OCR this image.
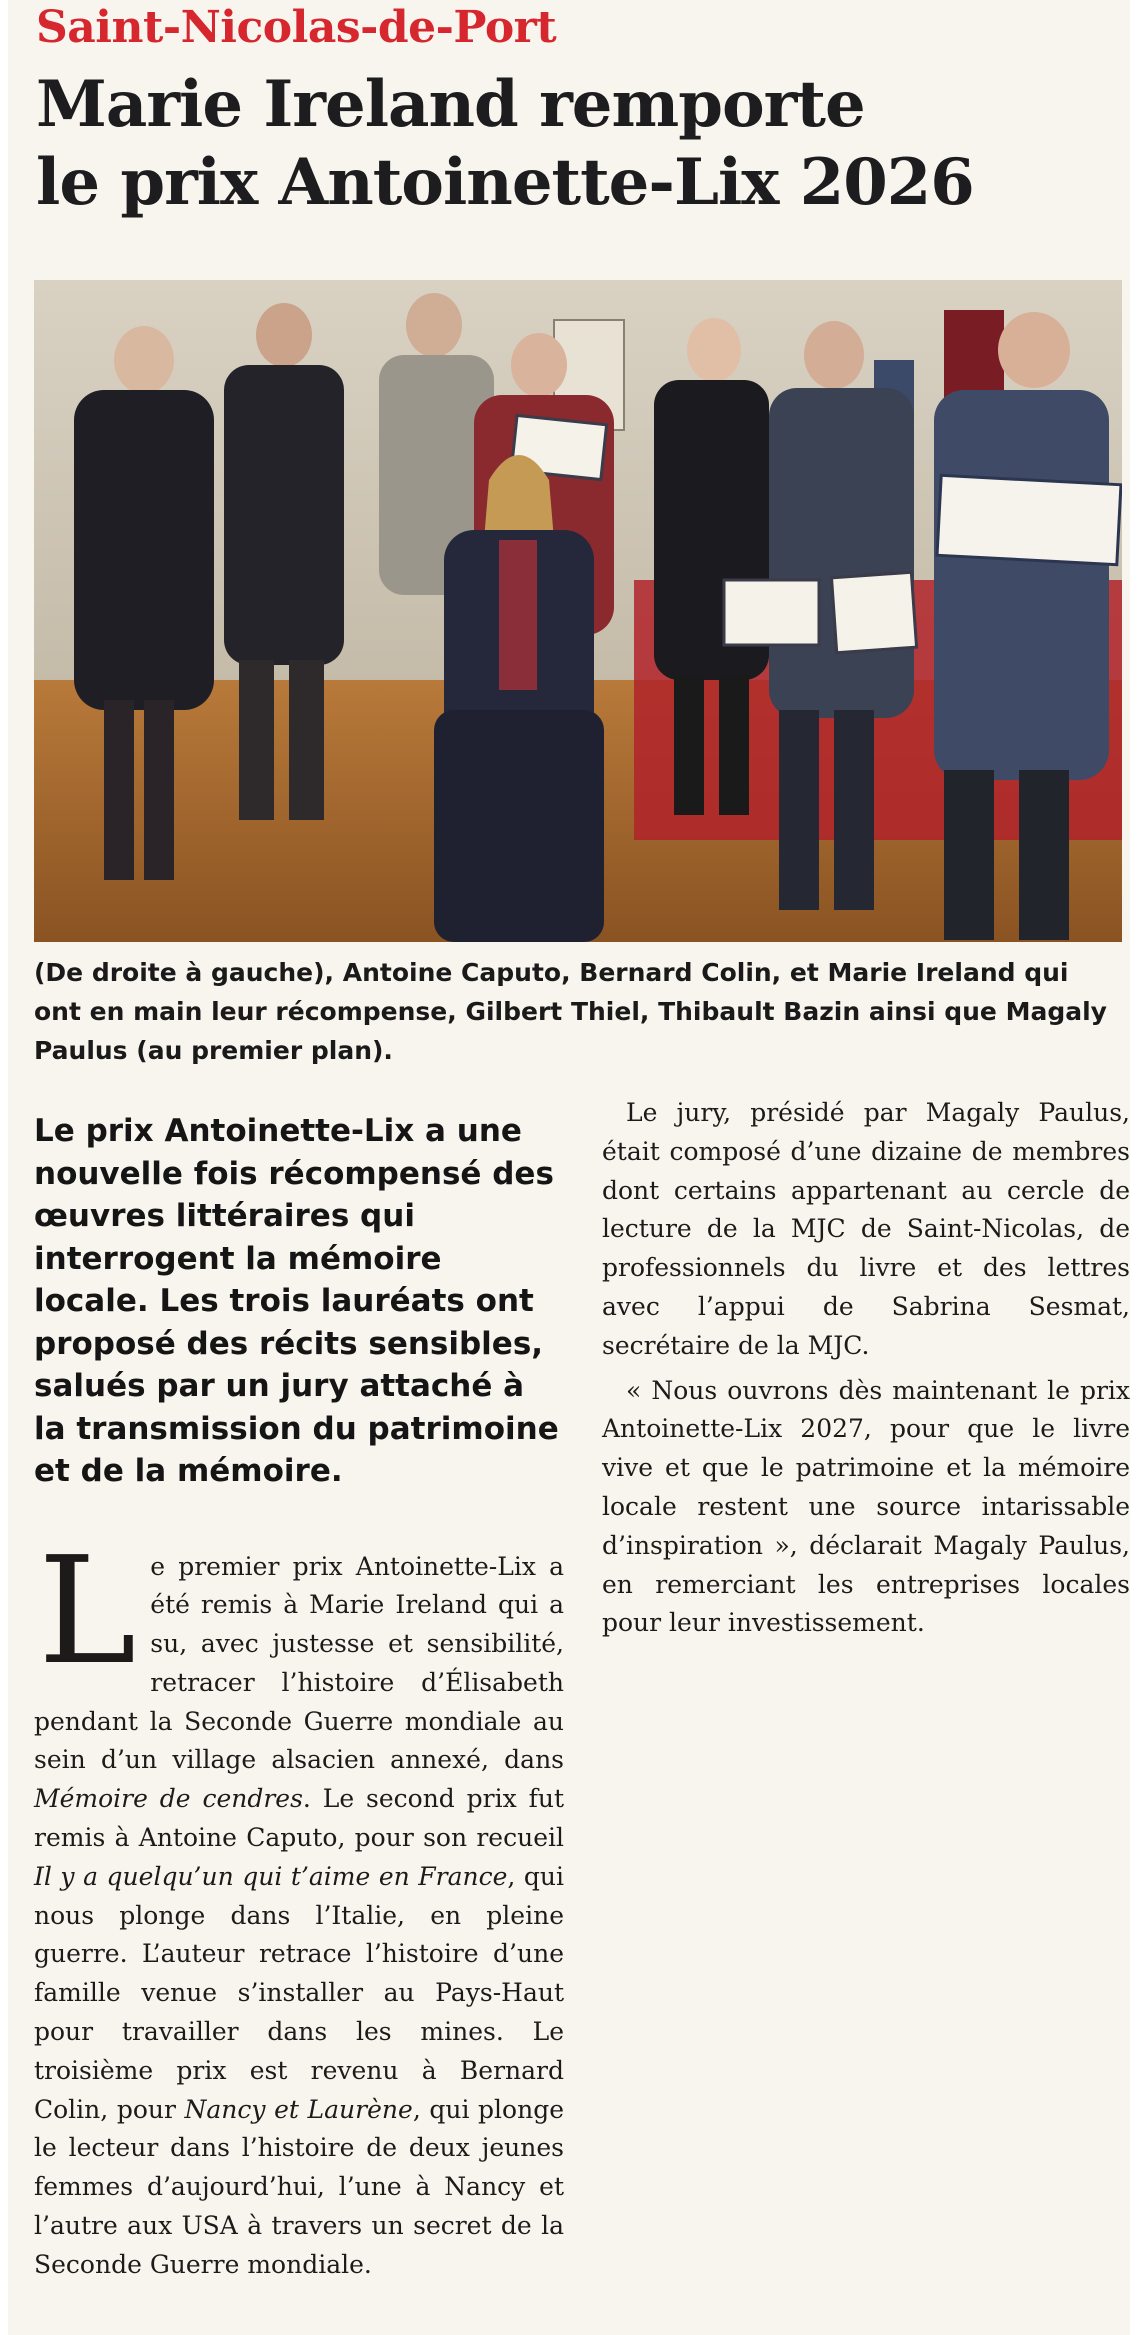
Saint-Nicolas-de-Port
Marie Ireland remporte
le prix Antoinette-Lix 2026

(De droite à gauche), Antoine Caputo, Bernard Colin, et Marie Ireland qui ont en main leur récompense, Gilbert Thiel, Thibault Bazin ainsi que Magaly Paulus (au premier plan).

Le prix Antoinette-Lix a une nouvelle fois récompensé des œuvres littéraires qui interrogent la mémoire locale. Les trois lauréats ont proposé des récits sensibles, salués par un jury attaché à la transmission du patrimoine et de la mémoire.

Le premier prix Antoinette-Lix a été remis à Marie Ireland qui a su, avec justesse et sensibilité, retracer l’histoire d’Élisabeth pendant la Seconde Guerre mondiale au sein d’un village alsacien annexé, dans Mémoire de cendres. Le second prix fut remis à Antoine Caputo, pour son recueil Il y a quelqu’un qui t’aime en France, qui nous plonge dans l’Italie, en pleine guerre. L’auteur retrace l’histoire d’une famille venue s’installer au Pays-Haut pour travailler dans les mines. Le troisième prix est revenu à Bernard Colin, pour Nancy et Laurène, qui plonge le lecteur dans l’histoire de deux jeunes femmes d’aujourd’hui, l’une à Nancy et l’autre aux USA à travers un secret de la Seconde Guerre mondiale.

Le jury, présidé par Magaly Paulus, était composé d’une dizaine de membres dont certains appartenant au cercle de lecture de la MJC de Saint-Nicolas, de professionnels du livre et des lettres avec l’appui de Sabrina Sesmat, secrétaire de la MJC.

« Nous ouvrons dès maintenant le prix Antoinette-Lix 2027, pour que le livre vive et que le patrimoine et la mémoire locale restent une source intarissable d’inspiration », déclarait Magaly Paulus, en remerciant les entreprises locales pour leur investissement.
